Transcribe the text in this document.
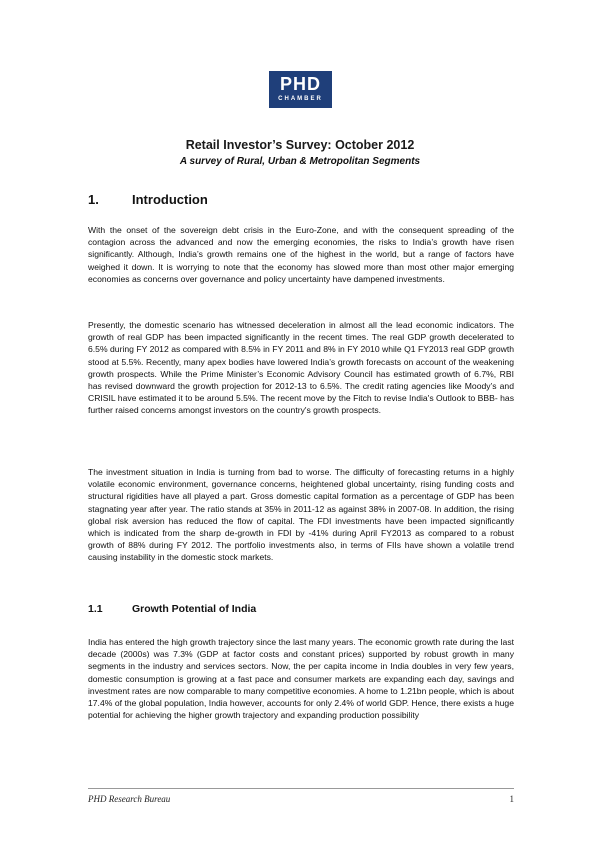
PHD
CHAMBER
Retail Investor’s Survey: October 2012
A survey of Rural, Urban & Metropolitan Segments
1.	Introduction

With the onset of the sovereign debt crisis in the Euro-Zone, and with the consequent spreading of the contagion across the advanced and now the emerging economies, the risks to India’s growth have risen significantly. Although, India’s growth remains one of the highest in the world, but a range of factors have weighed it down. It is worrying to note that the economy has slowed more than most other major emerging economies as concerns over governance and policy uncertainty have dampened investments.

Presently, the domestic scenario has witnessed deceleration in almost all the lead economic indicators. The growth of real GDP has been impacted significantly in the recent times. The real GDP growth decelerated to 6.5% during FY 2012 as compared with 8.5% in FY 2011 and 8% in FY 2010 while Q1 FY2013 real GDP growth stood at 5.5%. Recently, many apex bodies have lowered India’s growth forecasts on account of the weakening growth prospects. While the Prime Minister’s Economic Advisory Council has estimated growth of 6.7%, RBI has revised downward the growth projection for 2012-13 to 6.5%. The credit rating agencies like Moody’s and CRISIL have estimated it to be around 5.5%. The recent move by the Fitch to revise India's Outlook to BBB- has further raised concerns amongst investors on the country's growth prospects.

The investment situation in India is turning from bad to worse. The difficulty of forecasting returns in a highly volatile economic environment, governance concerns, heightened global uncertainty, rising funding costs and structural rigidities have all played a part. Gross domestic capital formation as a percentage of GDP has been stagnating year after year. The ratio stands at 35% in 2011-12 as against 38% in 2007-08. In addition, the rising global risk aversion has reduced the flow of capital. The FDI investments have been impacted significantly which is indicated from the sharp de-growth in FDI by -41% during April FY2013 as compared to a robust growth of 88% during FY 2012. The portfolio investments also, in terms of FIIs have shown a volatile trend causing instability in the domestic stock markets.

1.1	Growth Potential of India

India has entered the high growth trajectory since the last many years. The economic growth rate during the last decade (2000s) was 7.3% (GDP at factor costs and constant prices) supported by robust growth in many segments in the industry and services sectors. Now, the per capita income in India doubles in very few years, domestic consumption is growing at a fast pace and consumer markets are expanding each day, savings and investment rates are now comparable to many competitive economies. A home to 1.21bn people, which is about 17.4% of the global population, India however, accounts for only 2.4% of world GDP. Hence, there exists a huge potential for achieving the higher growth trajectory and expanding production possibility

PHD Research Bureau	1
